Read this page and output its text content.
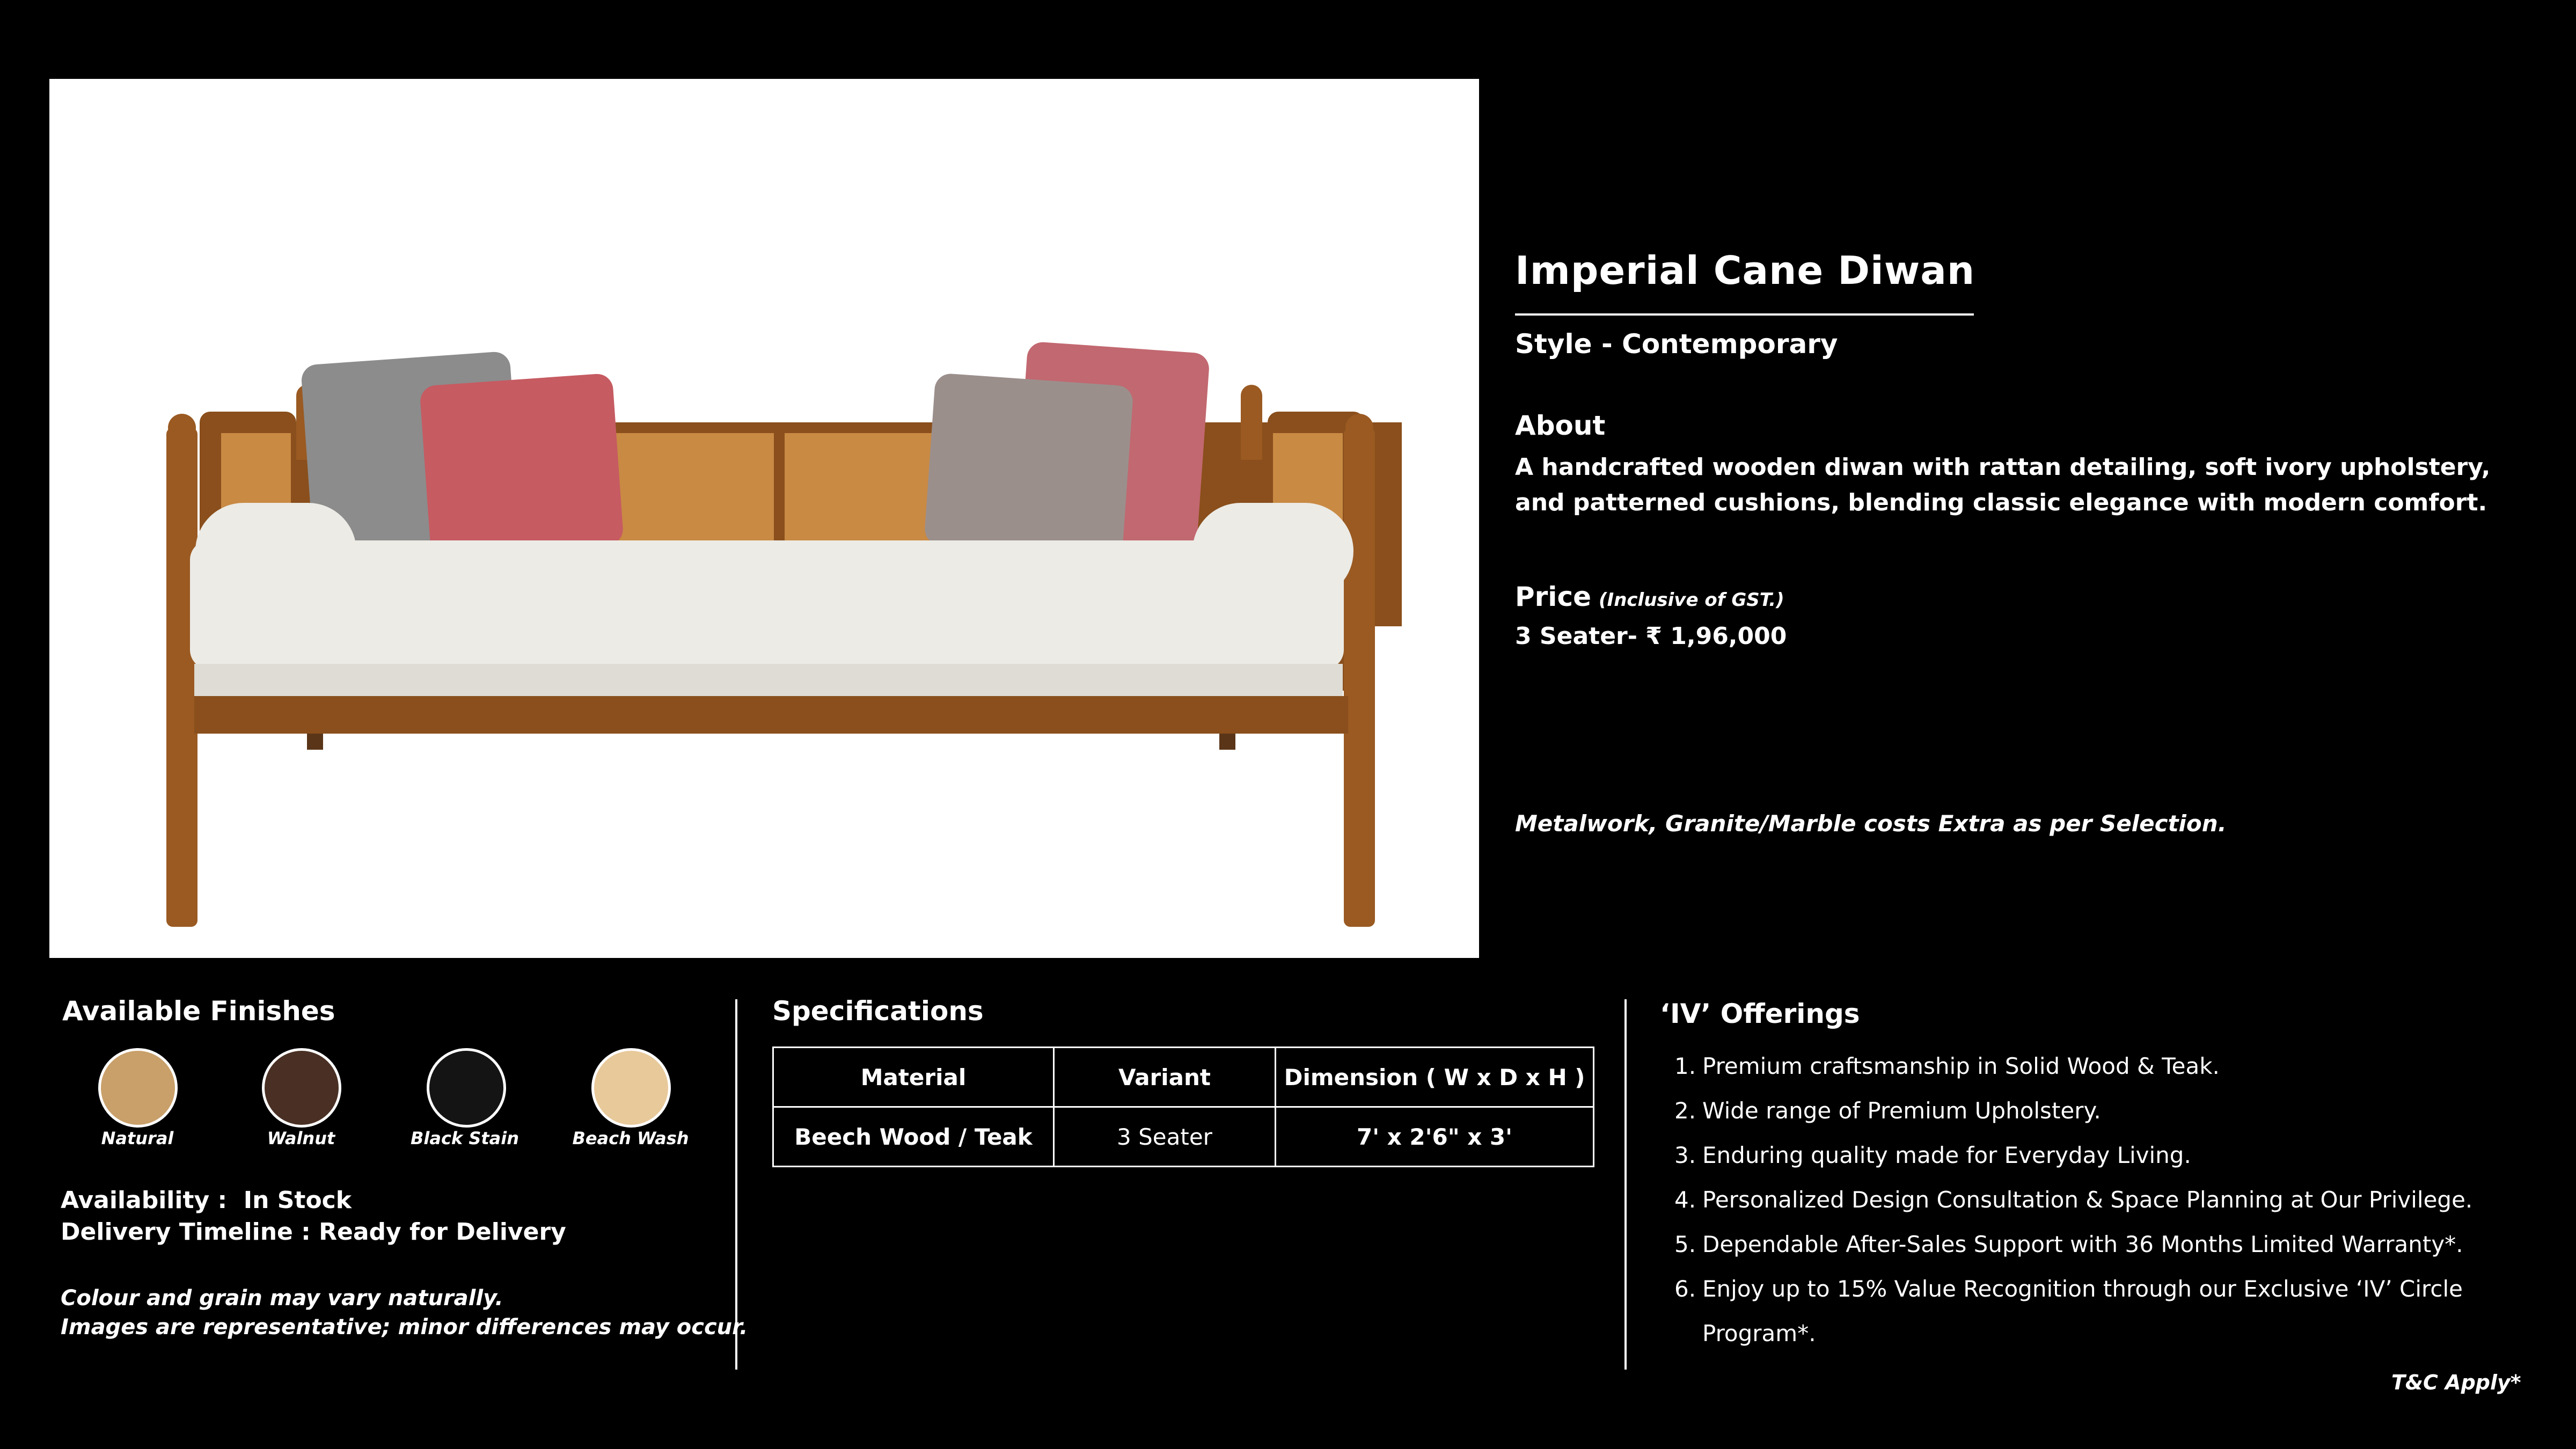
Imperial Cane Diwan
Style - Contemporary
About
A handcrafted wooden diwan with rattan detailing, soft ivory upholstery, and patterned cushions, blending classic elegance with modern comfort.
Price (Inclusive of GST.)
3 Seater- ₹ 1,96,000
Metalwork, Granite/Marble costs Extra as per Selection.
Available Finishes
Natural	Walnut	Black Stain	Beach Wash
Availability :  In Stock
Delivery Timeline : Ready for Delivery
Colour and grain may vary naturally.
Images are representative; minor differences may occur.
Specifications
Material	Variant	Dimension ( W x D x H )
Beech Wood / Teak	3 Seater	7' x 2'6" x 3'
‘IV’ Offerings
1. Premium craftsmanship in Solid Wood & Teak.
2. Wide range of Premium Upholstery.
3. Enduring quality made for Everyday Living.
4. Personalized Design Consultation & Space Planning at Our Privilege.
5. Dependable After-Sales Support with 36 Months Limited Warranty*.
6. Enjoy up to 15% Value Recognition through our Exclusive ‘IV’ Circle Program*.
T&C Apply*
